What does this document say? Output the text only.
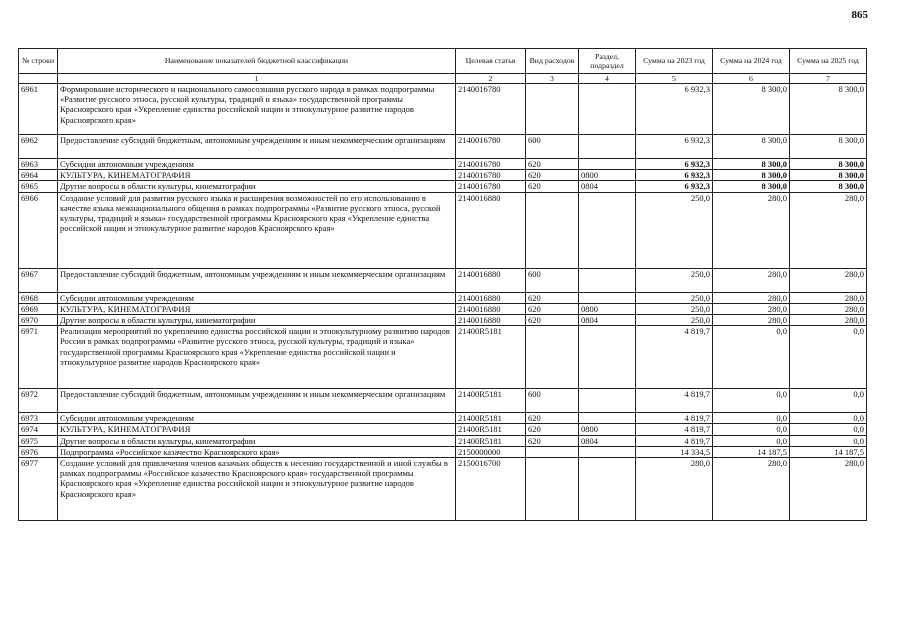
865
№ строки	Наименование показателей бюджетной классификации	Целевая статья	Вид расходов	Раздел, подраздел	Сумма на 2023 год	Сумма на 2024 год	Сумма на 2025 год
	1	2	3	4	5	6	7
6961	Формирование исторического и национального самосознания русского народа в рамках подпрограммы «Развитие русского этноса, русской культуры, традиций и языка» государственной программы Красноярского края «Укрепление единства российской нации и этнокультурное развитие народов Красноярского края»	2140016780			6 932,3	8 300,0	8 300,0
6962	Предоставление субсидий бюджетным, автономным учреждениям и иным некоммерческим организациям	2140016780	600		6 932,3	8 300,0	8 300,0
6963	Субсидии автономным учреждениям	2140016780	620		6 932,3	8 300,0	8 300,0
6964	КУЛЬТУРА, КИНЕМАТОГРАФИЯ	2140016780	620	0800	6 932,3	8 300,0	8 300,0
6965	Другие вопросы в области культуры, кинематографии	2140016780	620	0804	6 932,3	8 300,0	8 300,0
6966	Создание условий для развития русского языка и расширения возможностей по его использованию в качестве языка межнационального общения в рамках подпрограммы «Развитие русского этноса, русской культуры, традиций и языка» государственной программы Красноярского края «Укрепление единства российской нации и этнокультурное развитие народов Красноярского края»	2140016880			250,0	280,0	280,0
6967	Предоставление субсидий бюджетным, автономным учреждениям и иным некоммерческим организациям	2140016880	600		250,0	280,0	280,0
6968	Субсидии автономным учреждениям	2140016880	620		250,0	280,0	280,0
6969	КУЛЬТУРА, КИНЕМАТОГРАФИЯ	2140016880	620	0800	250,0	280,0	280,0
6970	Другие вопросы в области культуры, кинематографии	2140016880	620	0804	250,0	280,0	280,0
6971	Реализация мероприятий по укреплению единства российской нации и этнокультурному развитию народов России в рамках подпрограммы «Развитие русского этноса, русской культуры, традиций и языка» государственной программы Красноярского края «Укрепление единства российской нации и этнокультурное развитие народов Красноярского края»	21400R5181			4 819,7	0,0	0,0
6972	Предоставление субсидий бюджетным, автономным учреждениям и иным некоммерческим организациям	21400R5181	600		4 819,7	0,0	0,0
6973	Субсидии автономным учреждениям	21400R5181	620		4 819,7	0,0	0,0
6974	КУЛЬТУРА, КИНЕМАТОГРАФИЯ	21400R5181	620	0800	4 819,7	0,0	0,0
6975	Другие вопросы в области культуры, кинематографии	21400R5181	620	0804	4 819,7	0,0	0,0
6976	Подпрограмма «Российское казачество Красноярского края»	2150000000			14 334,5	14 187,5	14 187,5
6977	Создание условий для привлечения членов казачьих обществ к несению государственной и иной службы в рамках подпрограммы «Российское казачество Красноярского края» государственной программы Красноярского края «Укрепление единства российской нации и этнокультурное развитие народов Красноярского края»	2150016700			280,0	280,0	280,0
